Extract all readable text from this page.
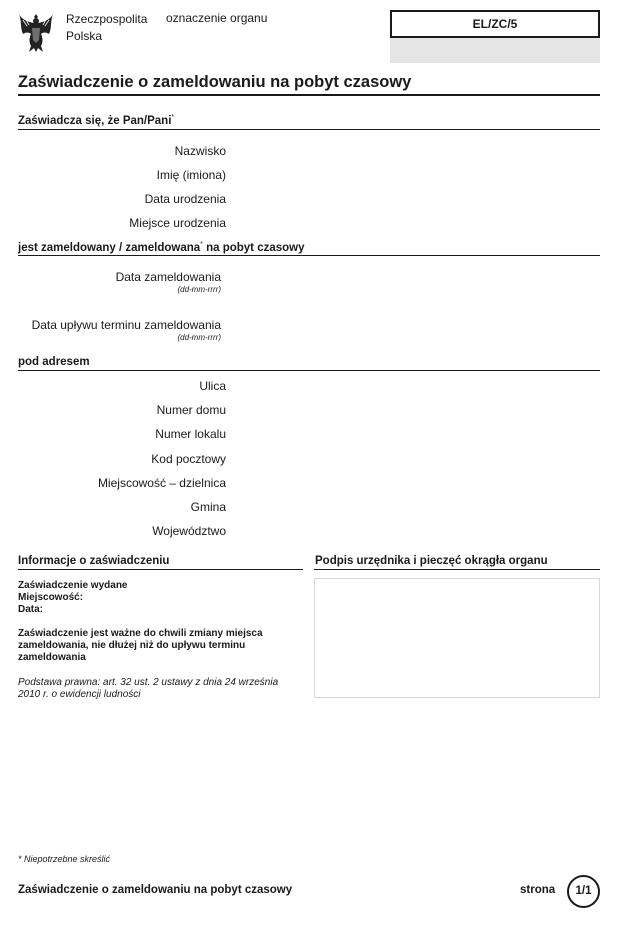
Rzeczpospolita
Polska
oznaczenie organu	EL/ZC/5
Zaświadczenie o zameldowaniu na pobyt czasowy
Zaświadcza się, że Pan/Pani*
Nazwisko
Imię (imiona)
Data urodzenia
Miejsce urodzenia
jest zameldowany / zameldowana* na pobyt czasowy
Data zameldowania
(dd-mm-rrrr)
Data upływu terminu zameldowania
(dd-mm-rrrr)
pod adresem
Ulica
Numer domu
Numer lokalu
Kod pocztowy
Miejscowość – dzielnica
Gmina
Województwo
Informacje o zaświadczeniu	Podpis urzędnika i pieczęć okrągła organu
Zaświadczenie wydane
Miejscowość:
Data:
Zaświadczenie jest ważne do chwili zmiany miejsca
zameldowania, nie dłużej niż do upływu terminu
zameldowania
Podstawa prawna: art. 32 ust. 2 ustawy z dnia 24 września
2010 r. o ewidencji ludności
* Niepotrzebne skreślić
Zaświadczenie o zameldowaniu na pobyt czasowy	strona	1/1
